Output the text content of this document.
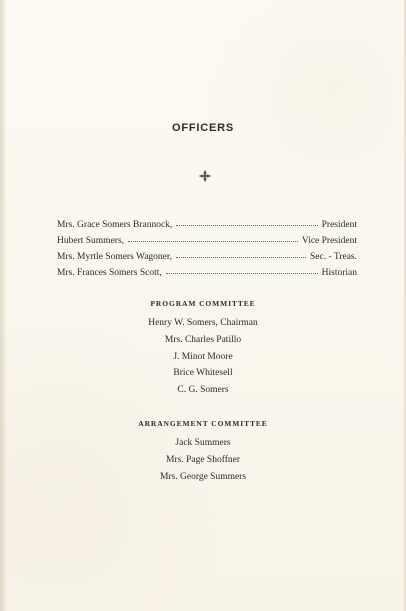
OFFICERS
Mrs. Grace Somers Brannock,	President
Hubert Summers,	Vice President
Mrs. Myrtle Somers Wagoner,	Sec. - Treas.
Mrs. Frances Somers Scott,	Historian
PROGRAM COMMITTEE
Henry W. Somers, Chairman
Mrs. Charles Patillo
J. Minot Moore
Brice Whitesell
C. G. Somers
ARRANGEMENT COMMITTEE
Jack Summers
Mrs. Page Shoffner
Mrs. George Summers
